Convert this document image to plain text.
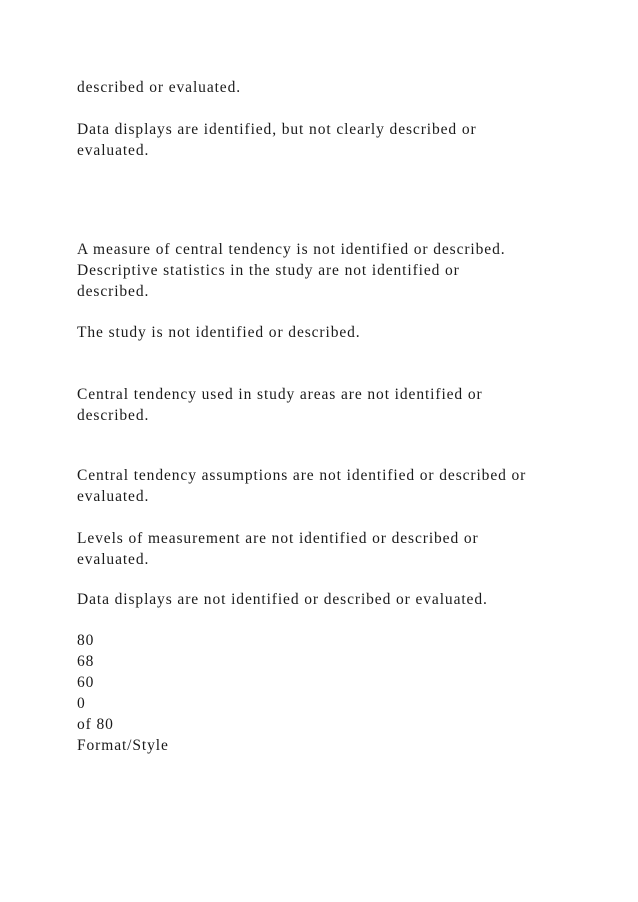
described or evaluated.
Data displays are identified, but not clearly described or
evaluated.
A measure of central tendency is not identified or described.
Descriptive statistics in the study are not identified or
described.
The study is not identified or described.
Central tendency used in study areas are not identified or
described.
Central tendency assumptions are not identified or described or
evaluated.
Levels of measurement are not identified or described or
evaluated.
Data displays are not identified or described or evaluated.
80
68
60
0
of 80
Format/Style
